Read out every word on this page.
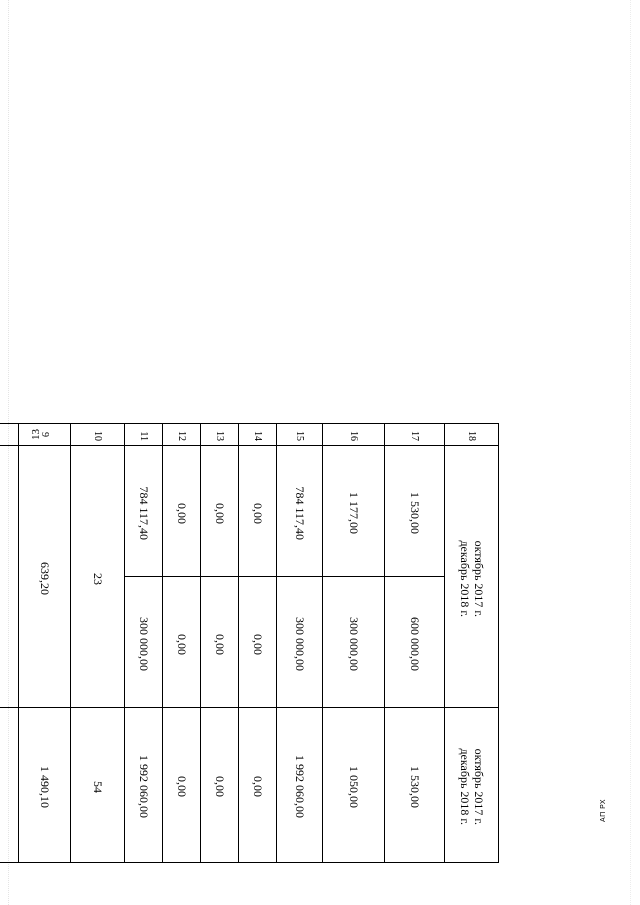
13
АП РХ
октябрь 2017 г.декабрь 2018 г.	1 530,00	1 050,00	1 992 060,00	0,00	0,00	0,00	1 992 060,00	54	1 490,10								
октябрь 2017 г.декабрь 2018 г.	600 000,00	300 000,00	300 000,00	0,00	0,00	0,00	300 000,00	23	639,20								
	1 530,00	1 177,00	784 117,40	0,00	0,00	0,00	784 117,40										
18	17	16	15	14	13	12	11	10	9								
